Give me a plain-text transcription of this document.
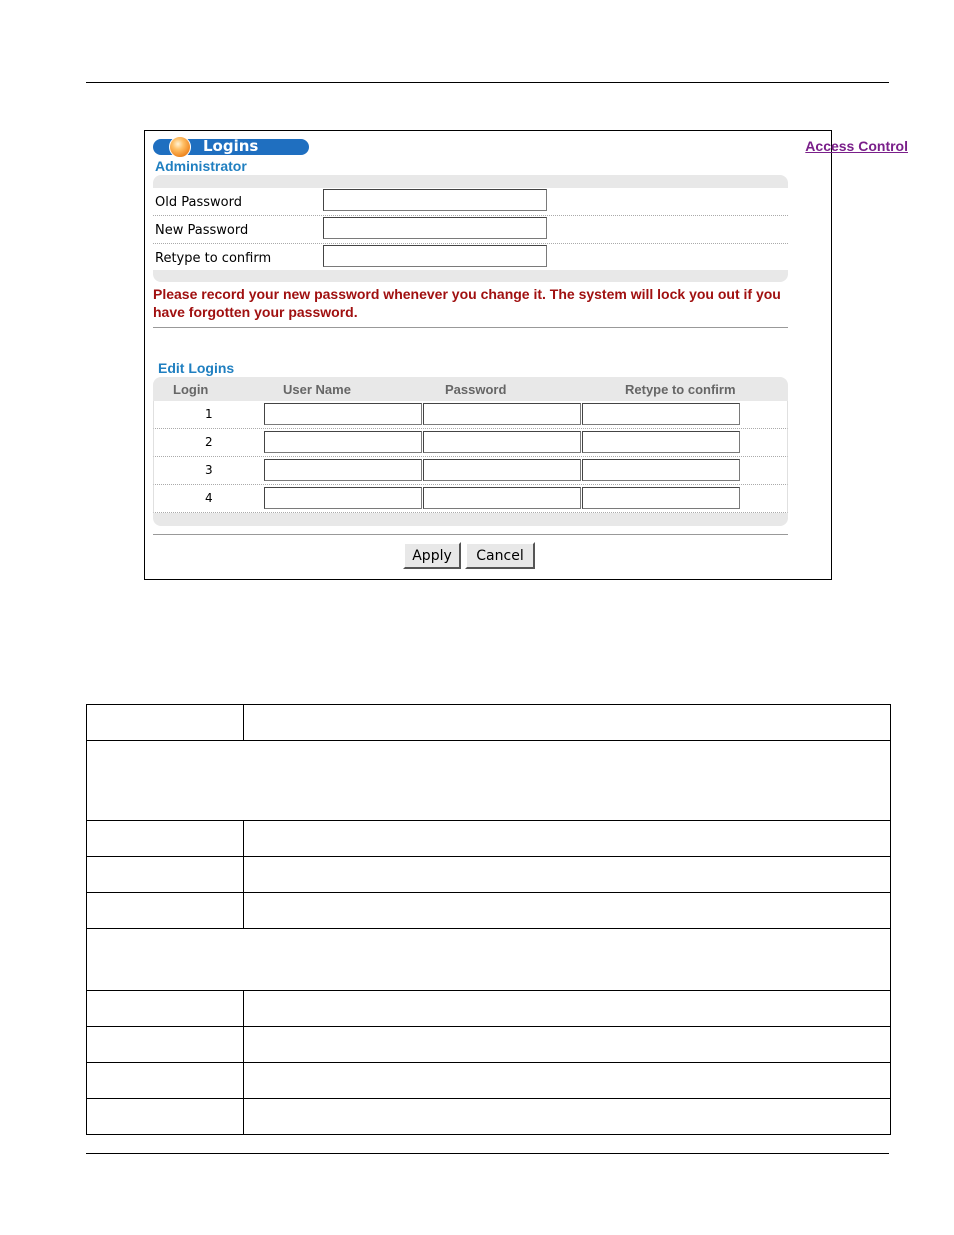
Logins	Access Control
Administrator
Old Password
New Password
Retype to confirm
Please record your new password whenever you change it. The system will lock you out if you have forgotten your password.
Edit Logins
Login	User Name	Password	Retype to confirm
1
2
3
4
Apply	Cancel
